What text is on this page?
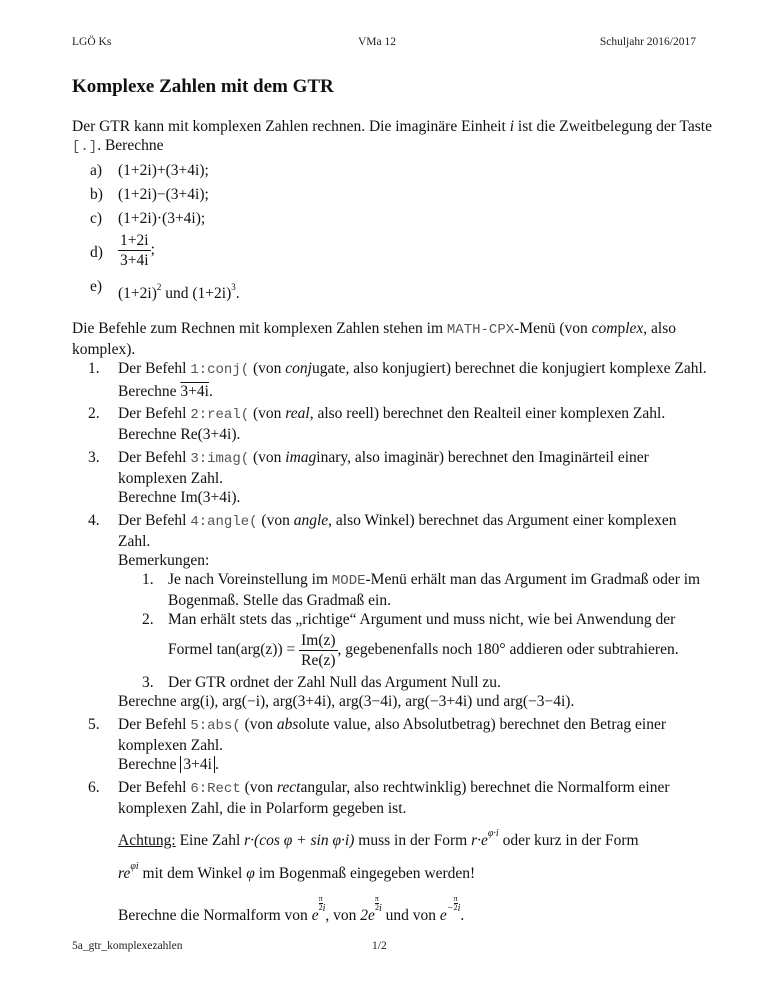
LGÖ Ks	VMa 12	Schuljahr 2016/2017
Komplexe Zahlen mit dem GTR

Der GTR kann mit komplexen Zahlen rechnen. Die imaginäre Einheit i ist die Zweitbelegung der Taste [.]. Berechne

a) (1+2i)+(3+4i);
b) (1+2i)−(3+4i);
c) (1+2i)·(3+4i);
$d) \frac{1+2i}{3+4i}$ ;
e) $(1+2i)^2$ und $(1+2i)^3$.

Die Befehle zum Rechnen mit komplexen Zahlen stehen im MATH-CPX-Menü (von complex, also komplex).

1. Der Befehl 1:conj( (von conjugate, also konjugiert) berechnet die konjugiert komplexe Zahl.
Berechne 3+4i.
2. Der Befehl 2:real( (von real, also reell) berechnet den Realteil einer komplexen Zahl.
Berechne Re(3+4i).
3. Der Befehl 3:imag( (von imaginary, also imaginär) berechnet den Imaginärteil einer komplexen Zahl.
Berechne Im(3+4i).
4. Der Befehl 4:angle( (von angle, also Winkel) berechnet das Argument einer komplexen Zahl.
Bemerkungen:
1. Je nach Voreinstellung im MODE-Menü erhält man das Argument im Gradmaß oder im Bogenmaß. Stelle das Gradmaß ein.
2. Man erhält stets das „richtige“ Argument und muss nicht, wie bei Anwendung der
Formel $\tan(arg(z)) = \frac{Im(z)}{Re(z)}$ , gegebenenfalls noch 180° addieren oder subtrahieren.
3. Der GTR ordnet der Zahl Null das Argument Null zu.
Berechne arg(i), arg(−i), arg(3+4i), arg(3−4i), arg(−3+4i) und arg(−3−4i).
5. Der Befehl 5:abs( (von absolute value, also Absolutbetrag) berechnet den Betrag einer komplexen Zahl.
Berechne 3+4i .
6. Der Befehl 6:Rect (von rectangular, also rechtwinklig) berechnet die Normalform einer komplexen Zahl, die in Polarform gegeben ist.
Achtung: Eine Zahl r·(cos φ + sin φ·i) muss in der Form $r\cdot e^{\varphi\cdot i}$ oder kurz in der Form
$re^{\varphi i}$ mit dem Winkel φ im Bogenmaß eingegeben werden!
Berechne die Normalform von e
$\frac{\pi}{2} ^i$, von 2e
$\frac{\pi}{2} ^i$ und von $e^- \frac{\pi}{2} ^i$.
5a_gtr_komplexezahlen	1/2
